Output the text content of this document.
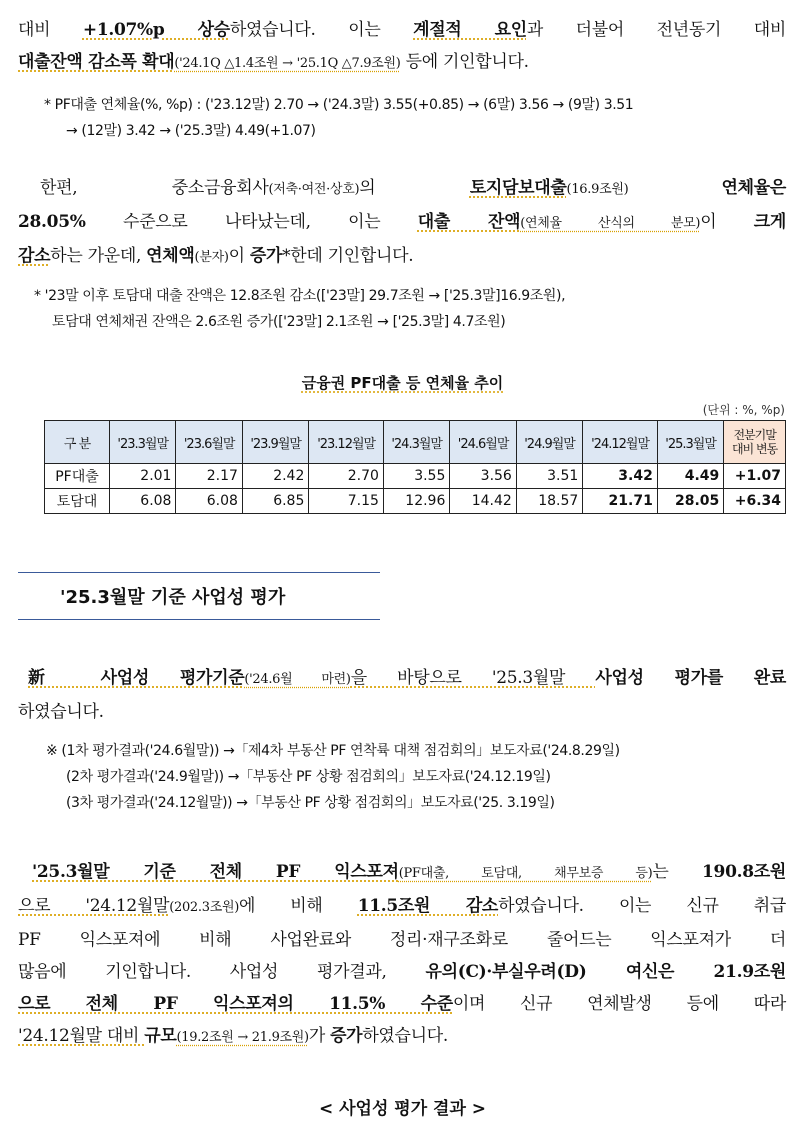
대비 +1.07%p 상승하였습니다. 이는 계절적 요인과 더불어 전년동기 대비
대출잔액 감소폭 확대('24.1Q △1.4조원 → '25.1Q △7.9조원) 등에 기인합니다.
* PF대출 연체율(%, %p) : ('23.12말) 2.70 → ('24.3말) 3.55(+0.85) → (6말) 3.56 → (9말) 3.51
→ (12말) 3.42 → ('25.3말) 4.49(+1.07)
한편, 중소금융회사(저축·여전·상호)의 토지담보대출(16.9조원) 연체율은
28.05% 수준으로 나타났는데, 이는 대출 잔액(연체율 산식의 분모)이 크게
감소하는 가운데, 연체액(분자)이 증가*한데 기인합니다.
* '23말 이후 토담대 대출 잔액은 12.8조원 감소(['23말] 29.7조원 → ['25.3말]16.9조원),
토담대 연체채권 잔액은 2.6조원 증가(['23말] 2.1조원 → ['25.3말] 4.7조원)
금융권 PF대출 등 연체율 추이
(단위 : %, %p)
구 분	'23.3월말	'23.6월말	'23.9월말	'23.12월말	'24.3월말	'24.6월말	'24.9월말	'24.12월말	'25.3월말	전분기말
대비 변동

PF대출	2.01	2.17	2.42	2.70	3.55	3.56	3.51	3.42	4.49	+1.07
토담대	6.08	6.08	6.85	7.15	12.96	14.42	18.57	21.71	28.05	+6.34
'25.3월말 기준 사업성 평가
新 사업성 평가기준('24.6월 마련)을 바탕으로 '25.3월말 사업성 평가를 완료
하였습니다.
※ (1차 평가결과('24.6월말)) →「제4차 부동산 PF 연착륙 대책 점검회의」보도자료('24.8.29일)
(2차 평가결과('24.9월말)) →「부동산 PF 상황 점검회의」보도자료('24.12.19일)
(3차 평가결과('24.12월말)) →「부동산 PF 상황 점검회의」보도자료('25. 3.19일)
'25.3월말 기준 전체 PF 익스포져(PF대출, 토담대, 채무보증 등)는 190.8조원
으로 '24.12월말(202.3조원)에 비해 11.5조원 감소하였습니다. 이는 신규 취급
PF 익스포져에 비해 사업완료와 정리·재구조화로 줄어드는 익스포져가 더
많음에 기인합니다. 사업성 평가결과, 유의(C)·부실우려(D) 여신은 21.9조원
으로 전체 PF 익스포져의 11.5% 수준이며 신규 연체발생 등에 따라
'24.12월말 대비 규모(19.2조원 → 21.9조원)가 증가하였습니다.
< 사업성 평가 결과 >
